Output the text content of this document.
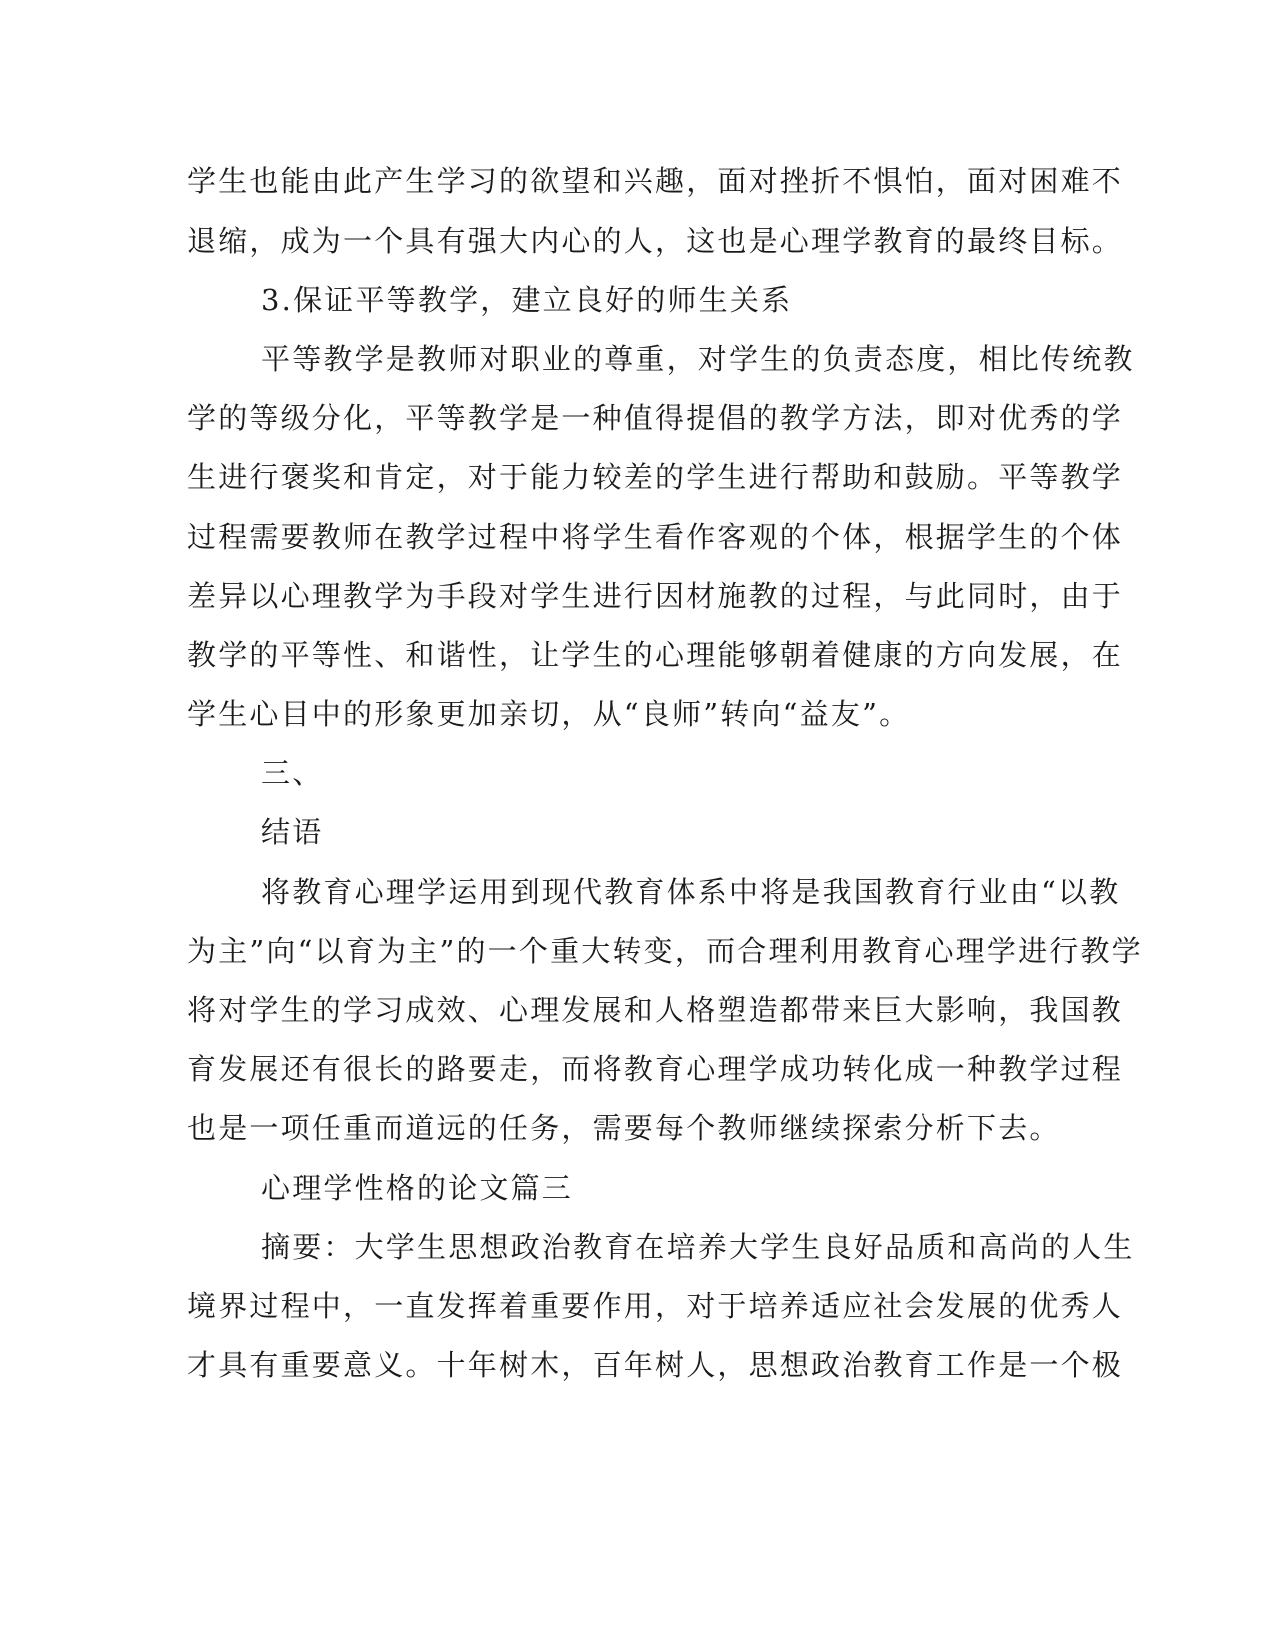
学生也能由此产生学习的欲望和兴趣，面对挫折不惧怕，面对困难不
退缩，成为一个具有强大内心的人，这也是心理学教育的最终目标。
3.保证平等教学，建立良好的师生关系
平等教学是教师对职业的尊重，对学生的负责态度，相比传统教
学的等级分化，平等教学是一种值得提倡的教学方法，即对优秀的学
生进行褒奖和肯定，对于能力较差的学生进行帮助和鼓励。平等教学
过程需要教师在教学过程中将学生看作客观的个体，根据学生的个体
差异以心理教学为手段对学生进行因材施教的过程，与此同时，由于
教学的平等性、和谐性，让学生的心理能够朝着健康的方向发展，在
学生心目中的形象更加亲切，从“良师”转向“益友”。
三、
结语
将教育心理学运用到现代教育体系中将是我国教育行业由“以教
为主”向“以育为主”的一个重大转变，而合理利用教育心理学进行教学
将对学生的学习成效、心理发展和人格塑造都带来巨大影响，我国教
育发展还有很长的路要走，而将教育心理学成功转化成一种教学过程
也是一项任重而道远的任务，需要每个教师继续探索分析下去。
心理学性格的论文篇三
摘要：大学生思想政治教育在培养大学生良好品质和高尚的人生
境界过程中，一直发挥着重要作用，对于培养适应社会发展的优秀人
才具有重要意义。十年树木，百年树人，思想政治教育工作是一个极
